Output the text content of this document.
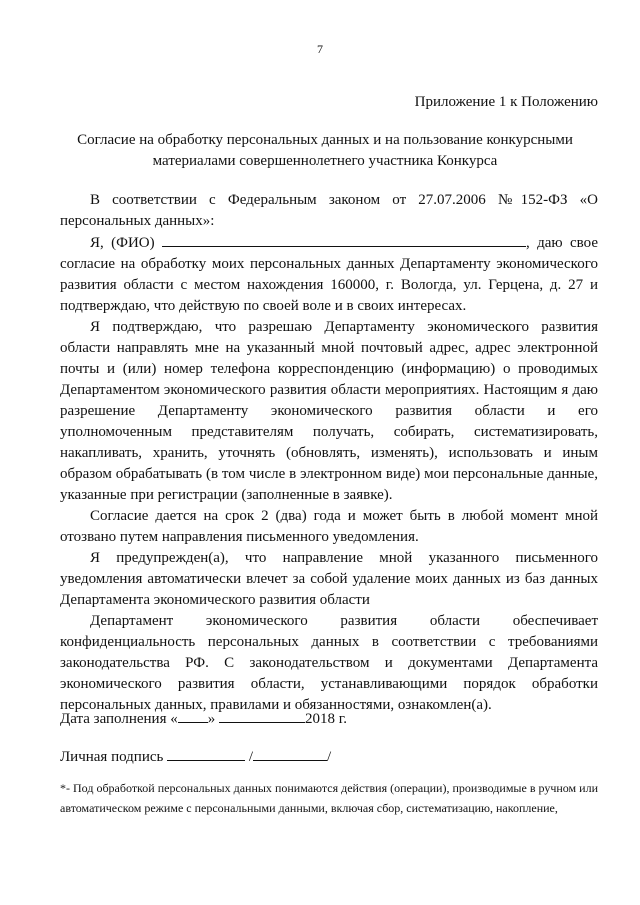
7
Приложение 1 к Положению
Согласие на обработку персональных данных и на пользование конкурсными
материалами совершеннолетнего участника Конкурса

В соответствии с Федеральным законом от 27.07.2006 №152-ФЗ «О персональных данных»:

Я, (ФИО)	, даю свое согласие на обработку моих персональных данных Департаменту экономического развития области с местом нахождения 160000, г. Вологда, ул. Герцена, д. 27 и подтверждаю, что действую по своей воле и в своих интересах.

Я подтверждаю, что разрешаю Департаменту экономического развития области направлять мне на указанный мной почтовый адрес, адрес электронной почты и (или) номер телефона корреспонденцию (информацию) о проводимых Департаментом экономического развития области мероприятиях. Настоящим я даю разрешение Департаменту экономического развития области и его уполномоченным представителям получать, собирать, систематизировать, накапливать, хранить, уточнять (обновлять, изменять), использовать и иным образом обрабатывать (в том числе в электронном виде) мои персональные данные, указанные при регистрации (заполненные в заявке).

Согласие дается на срок 2 (два) года и может быть в любой момент мной отозвано путем направления письменного уведомления.

Я предупрежден(а), что направление мной указанного письменного уведомления автоматически влечет за собой удаление моих данных из баз данных Департамента экономического развития области

Департамент экономического развития области обеспечивает конфиденциальность персональных данных в соответствии с требованиями законодательства РФ. С законодательством и документами Департамента экономического развития области, устанавливающими порядок обработки персональных данных, правилами и обязанностями, ознакомлен(а).

Дата заполнения « »	2018 г.
Личная подпись	/	/
*- Под обработкой персональных данных понимаются действия (операции), производимые в ручном или автоматическом режиме с персональными данными, включая сбор, систематизацию, накопление,
